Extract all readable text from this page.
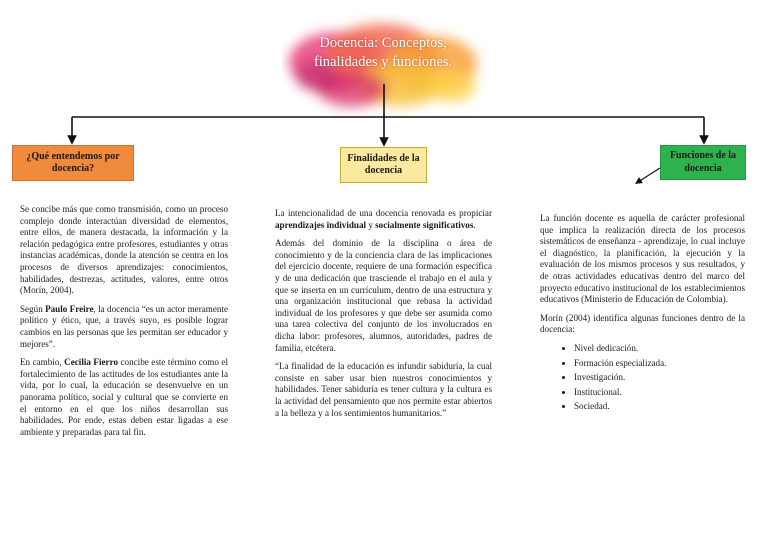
Docencia: Conceptos, finalidades y funciones.
¿Qué entendemos por docencia?
Finalidades de la docencia
Funciones de la docencia

Se concibe más que como transmisión, como un proceso complejo donde interactúan diversidad de elementos, entre ellos, de manera destacada, la información y la relación pedagógica entre profesores, estudiantes y otras instancias académicas, donde la atención se centra en los procesos de diversos aprendizajes: conocimientos, habilidades, destrezas, actitudes, valores, entre otros (Morín, 2004).

Según Paulo Freire, la docencia “es un actor meramente político y ético, que, a través suyo, es posible lograr cambios en las personas que les permitan ser educador y mejores”.

En cambio, Cecilia Fierro concibe este término como el fortalecimiento de las actitudes de los estudiantes ante la vida, por lo cual, la educación se desenvuelve en un panorama político, social y cultural que se convierte en el entorno en el que los niños desarrollan sus habilidades. Por ende, estas deben estar ligadas a ese ambiente y preparadas para tal fin.

La intencionalidad de una docencia renovada es propiciar aprendizajes individual y socialmente significativos.

Además del dominio de la disciplina o área de conocimiento y de la conciencia clara de las implicaciones del ejercicio docente, requiere de una formación específica y de una dedicación que trasciende el trabajo en el aula y que se inserta en un currículum, dentro de una estructura y una organización institucional que rebasa la actividad individual de los profesores y que debe ser asumida como una tarea colectiva del conjunto de los involucrados en dicha labor: profesores, alumnos, autoridades, padres de familia, etcétera.

“La finalidad de la educación es infundir sabiduría, la cual consiste en saber usar bien nuestros conocimientos y habilidades. Tener sabiduría es tener cultura y la cultura es la actividad del pensamiento que nos permite estar abiertos a la belleza y a los sentimientos humanitarios.”

La función docente es aquella de carácter profesional que implica la realización directa de los procesos sistemáticos de enseñanza - aprendizaje, lo cual incluye el diagnóstico, la planificación, la ejecución y la evaluación de los mismos procesos y sus resultados, y de otras actividades educativas dentro del marco del proyecto educativo institucional de los establecimientos educativos (Ministerio de Educación de Colombia).

Morín (2004) identifica algunas funciones dentro de la docencia:

• Nivel dedicación.
• Formación especializada.
• Investigación.
• Institucional.
• Sociedad.
